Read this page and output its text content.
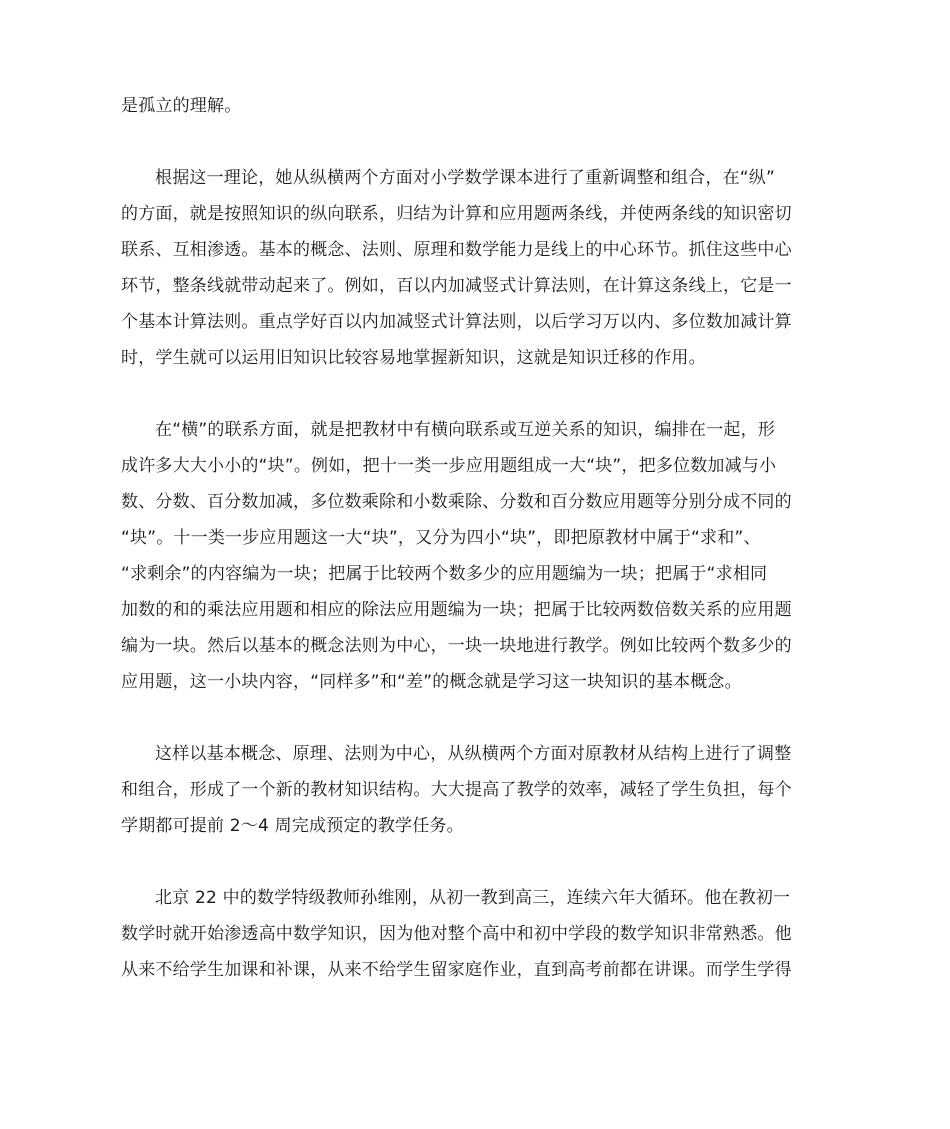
是孤立的理解。
根据这一理论，她从纵横两个方面对小学数学课本进行了重新调整和组合，在“纵”
的方面，就是按照知识的纵向联系，归结为计算和应用题两条线，并使两条线的知识密切
联系、互相渗透。基本的概念、法则、原理和数学能力是线上的中心环节。抓住这些中心
环节，整条线就带动起来了。例如，百以内加减竖式计算法则，在计算这条线上，它是一
个基本计算法则。重点学好百以内加减竖式计算法则，以后学习万以内、多位数加减计算
时，学生就可以运用旧知识比较容易地掌握新知识，这就是知识迁移的作用。
在“横”的联系方面，就是把教材中有横向联系或互逆关系的知识，编排在一起，形
成许多大大小小的“块”。例如，把十一类一步应用题组成一大“块”，把多位数加减与小
数、分数、百分数加减，多位数乘除和小数乘除、分数和百分数应用题等分别分成不同的
“块”。十一类一步应用题这一大“块”，又分为四小“块”，即把原教材中属于“求和”、
“求剩余”的内容编为一块；把属于比较两个数多少的应用题编为一块；把属于“求相同
加数的和的乘法应用题和相应的除法应用题编为一块；把属于比较两数倍数关系的应用题
编为一块。然后以基本的概念法则为中心，一块一块地进行教学。例如比较两个数多少的
应用题，这一小块内容，“同样多”和“差”的概念就是学习这一块知识的基本概念。
这样以基本概念、原理、法则为中心，从纵横两个方面对原教材从结构上进行了调整
和组合，形成了一个新的教材知识结构。大大提高了教学的效率，减轻了学生负担，每个
学期都可提前 2～4 周完成预定的教学任务。
北京 22 中的数学特级教师孙维刚，从初一教到高三，连续六年大循环。他在教初一
数学时就开始渗透高中数学知识，因为他对整个高中和初中学段的数学知识非常熟悉。他
从来不给学生加课和补课，从来不给学生留家庭作业，直到高考前都在讲课。而学生学得
